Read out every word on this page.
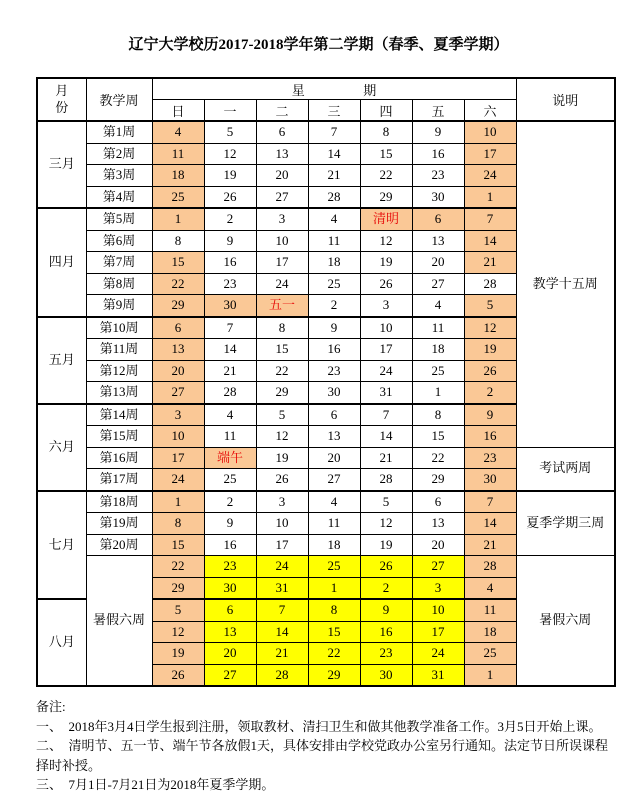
辽宁大学校历2017-2018学年第二学期（春季、夏季学期）
月份	教学周	星期							说明
		日	一	二	三	四	五	六	
三月	第1周	4	5	6	7	8	9	10	教学十五周
	第2周	11	12	13	14	15	16	17	
	第3周	18	19	20	21	22	23	24	
	第4周	25	26	27	28	29	30	1	
四月	第5周	1	2	3	4	清明	6	7	
	第6周	8	9	10	11	12	13	14	
	第7周	15	16	17	18	19	20	21	
	第8周	22	23	24	25	26	27	28	
	第9周	29	30	五一	2	3	4	5	
五月	第10周	6	7	8	9	10	11	12	
	第11周	13	14	15	16	17	18	19	
	第12周	20	21	22	23	24	25	26	
	第13周	27	28	29	30	31	1	2	
六月	第14周	3	4	5	6	7	8	9	
	第15周	10	11	12	13	14	15	16	
	第16周	17	端午	19	20	21	22	23	考试两周
	第17周	24	25	26	27	28	29	30	
七月	第18周	1	2	3	4	5	6	7	夏季学期三周
	第19周	8	9	10	11	12	13	14	
	第20周	15	16	17	18	19	20	21	
	暑假六周	22	23	24	25	26	27	28	暑假六周
		29	30	31	1	2	3	4	
八月		5	6	7	8	9	10	11	
		12	13	14	15	16	17	18	
		19	20	21	22	23	24	25	
		26	27	28	29	30	31	1	
备注:
一、　2018年3月4日学生报到注册，领取教材、清扫卫生和做其他教学准备工作。3月5日开始上课。
二、　清明节、五一节、端午节各放假1天，具体安排由学校党政办公室另行通知。法定节日所误课程择时补授。
三、　7月1日-7月21日为2018年夏季学期。
